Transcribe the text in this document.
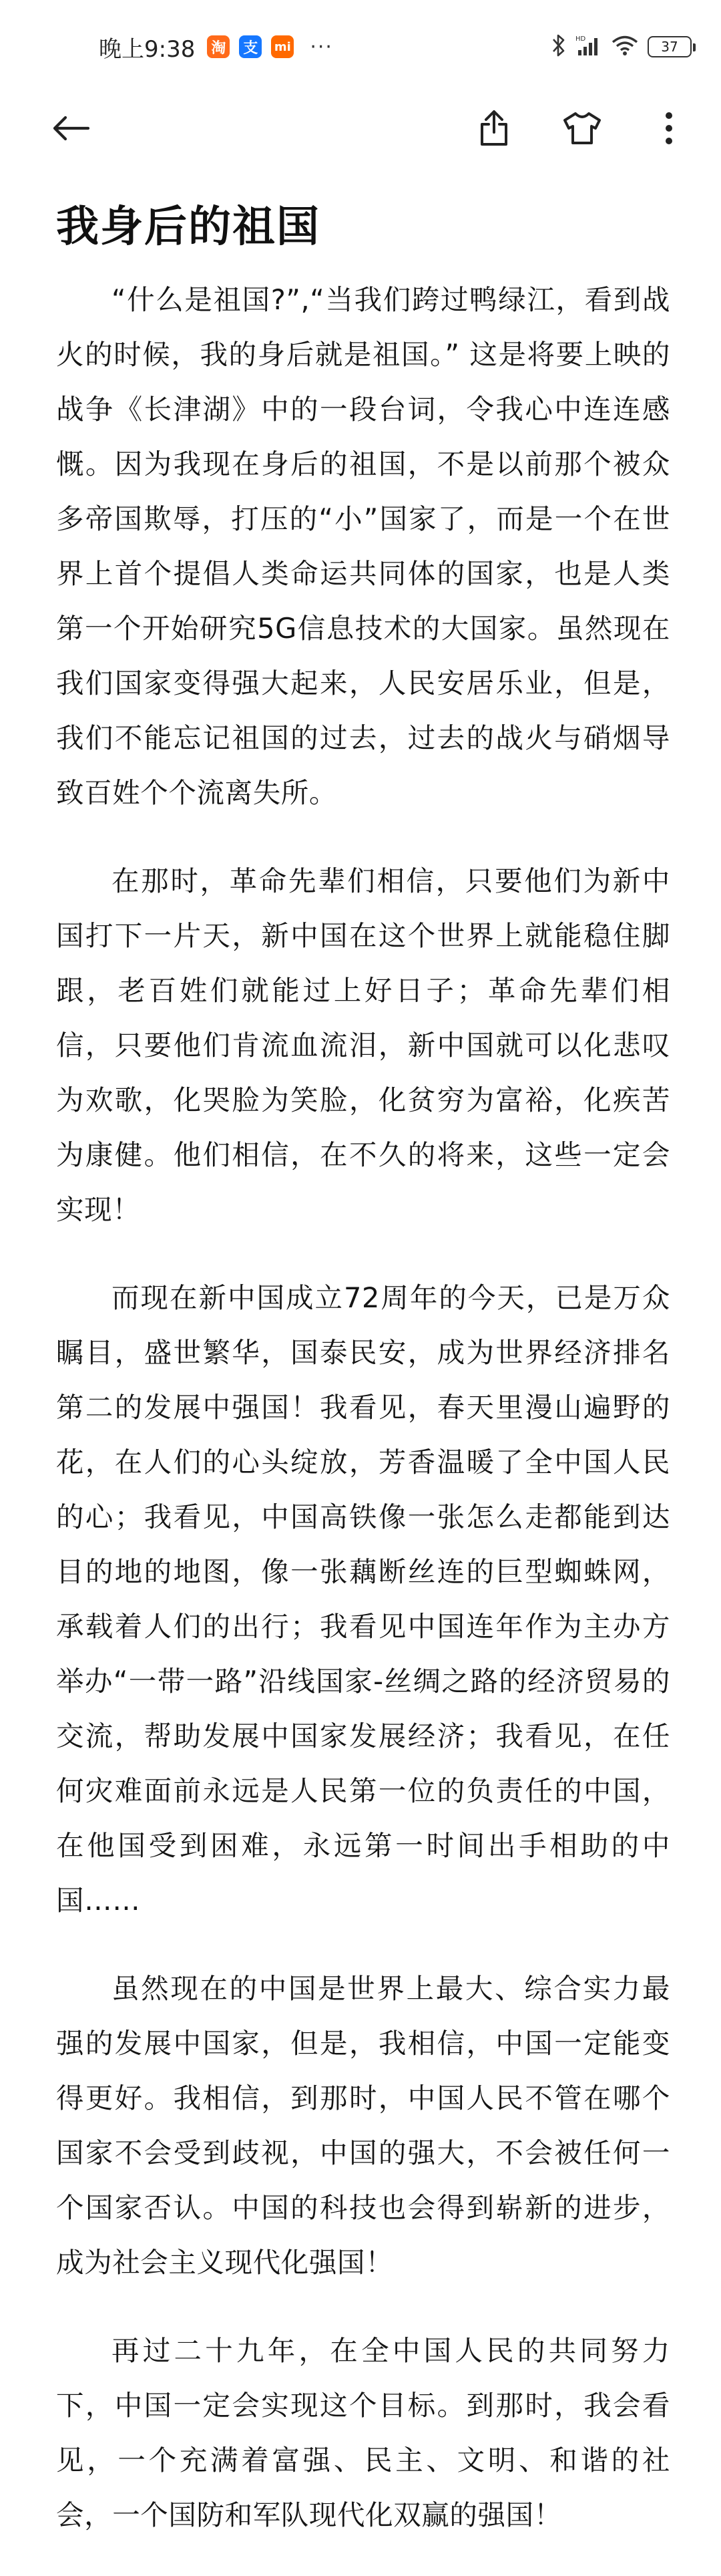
晚上9:38 淘 支	mi ···	HD	37
我身后的祖国

“什么是祖国?”,“当我们跨过鸭绿江，看到战火的时候，我的身后就是祖国。” 这是将要上映的战争《长津湖》中的一段台词，令我心中连连感慨。因为我现在身后的祖国，不是以前那个被众多帝国欺辱，打压的“小”国家了，而是一个在世界上首个提倡人类命运共同体的国家，也是人类第一个开始研究5G信息技术的大国家。虽然现在我们国家变得强大起来，人民安居乐业，但是，我们不能忘记祖国的过去，过去的战火与硝烟导致百姓个个流离失所。

在那时，革命先辈们相信，只要他们为新中国打下一片天，新中国在这个世界上就能稳住脚跟，老百姓们就能过上好日子；革命先辈们相信，只要他们肯流血流泪，新中国就可以化悲叹为欢歌，化哭脸为笑脸，化贫穷为富裕，化疾苦为康健。他们相信，在不久的将来，这些一定会实现！

而现在新中国成立72周年的今天，已是万众瞩目，盛世繁华，国泰民安，成为世界经济排名第二的发展中强国！我看见，春天里漫山遍野的花，在人们的心头绽放，芳香温暖了全中国人民的心；我看见，中国高铁像一张怎么走都能到达目的地的地图，像一张藕断丝连的巨型蜘蛛网，承载着人们的出行；我看见中国连年作为主办方举办“一带一路”沿线国家-丝绸之路的经济贸易的交流，帮助发展中国家发展经济；我看见，在任何灾难面前永远是人民第一位的负责任的中国，在他国受到困难，永远第一时间出手相助的中国……

虽然现在的中国是世界上最大、综合实力最强的发展中国家，但是，我相信，中国一定能变得更好。我相信，到那时，中国人民不管在哪个国家不会受到歧视，中国的强大，不会被任何一个国家否认。中国的科技也会得到崭新的进步，成为社会主义现代化强国！

再过二十九年，在全中国人民的共同努力下，中国一定会实现这个目标。到那时，我会看见，一个充满着富强、民主、文明、和谐的社会，一个国防和军队现代化双赢的强国！
